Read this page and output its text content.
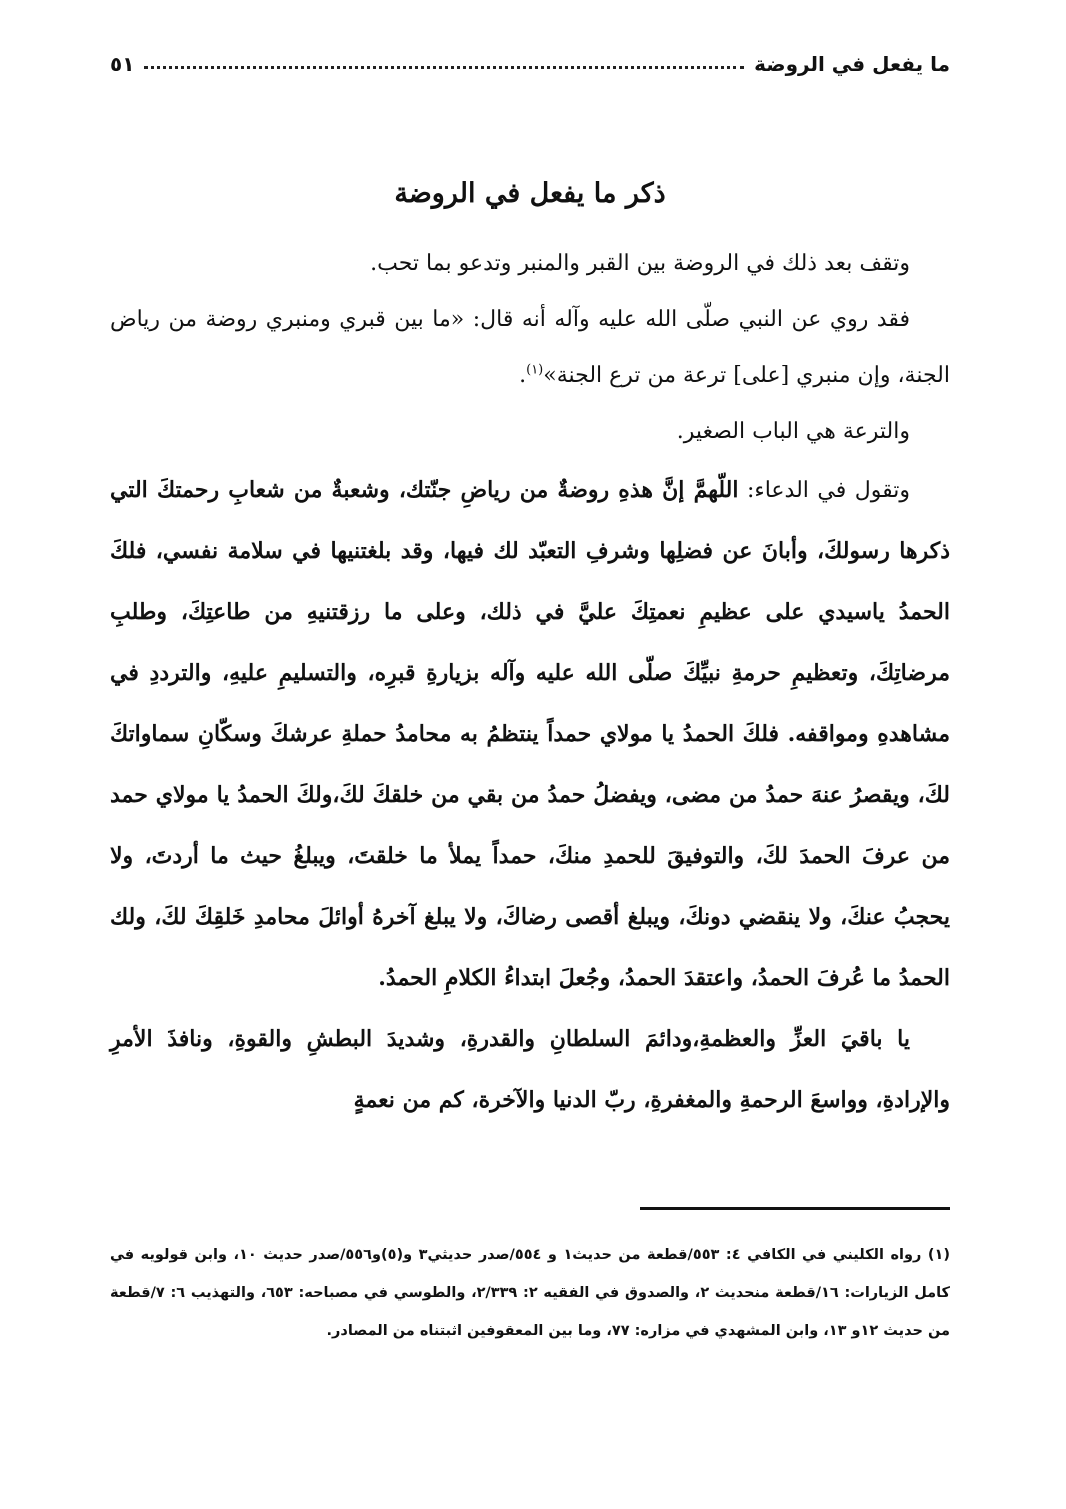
ما يفعل في الروضة
٥١
ذكر ما يفعل في الروضة

وتقف بعد ذلك في الروضة بين القبر والمنبر وتدعو بما تحب.

فقد روي عن النبي صلّى الله عليه وآله أنه قال: «ما بين قبري ومنبري روضة من رياض الجنة، وإن منبري [على] ترعة من ترع الجنة»$^{(١)}$.

والترعة هي الباب الصغير.

وتقول في الدعاء: اللّهمَّ إنَّ هذهِ روضةٌ من رياضِ جنّتك، وشعبةٌ من شعابِ رحمتكَ التي ذكرها رسولكَ، وأبانَ عن فضلِها وشرفِ التعبّد لك فيها، وقد بلغتنيها في سلامة نفسي، فلكَ الحمدُ ياسيدي على عظيمِ نعمتِكَ عليَّ في ذلك، وعلى ما رزقتنيهِ من طاعتِكَ، وطلبِ مرضاتِكَ، وتعظيمِ حرمةِ نبيِّكَ صلّى الله عليه وآله بزيارةِ قبرِه، والتسليمِ عليهِ، والترددِ في مشاهدهِ ومواقفه. فلكَ الحمدُ يا مولاي حمداً ينتظمُ به محامدُ حملةِ عرشكَ وسكّانِ سماواتكَ لكَ، ويقصرُ عنهَ حمدُ من مضى، ويفضلُ حمدُ من بقي من خلقكَ لكَ،ولكَ الحمدُ يا مولاي حمد من عرفَ الحمدَ لكَ، والتوفيقَ للحمدِ منكَ، حمداً يملأ ما خلقتَ، ويبلغُ حيث ما أردتَ، ولا يحجبُ عنكَ، ولا ينقضي دونكَ، ويبلغ أقصى رضاكَ، ولا يبلغ آخرهُ أوائلَ محامدِ خَلقِكَ لكَ، ولك الحمدُ ما عُرفَ الحمدُ، واعتقدَ الحمدُ، وجُعلَ ابتداءُ الكلامِ الحمدُ.

يا باقيَ العزِّ والعظمةِ،ودائمَ السلطانِ والقدرةِ، وشديدَ البطشِ والقوةِ، ونافذَ الأمرِ والإرادةِ، وواسعَ الرحمةِ والمغفرةِ، ربّ الدنيا والآخرة، كم من نعمةٍ

(١) رواه الكليني في الكافي ٤: ٥٥٣/قطعة من حديث١ و ٥٥٤/صدر حديثي٣ و(٥)و٥٥٦/صدر حديث ١٠، وابن قولويه في كامل الزيارات: ١٦/قطعة منحديث ٢، والصدوق في الفقيه ٢: ٢/٣٣٩، والطوسي في مصباحه: ٦٥٣، والتهذيب ٦: ٧/قطعة من حديث ١٢و ١٣، وابن المشهدي في مزاره: ٧٧، وما بين المعقوفين اثبتناه من المصادر.
